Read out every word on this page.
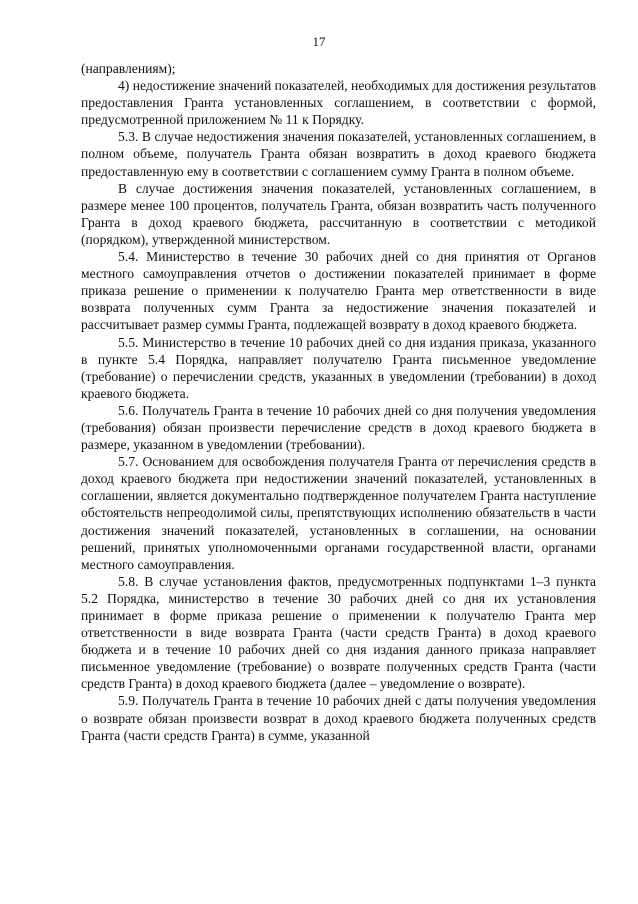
17

(направлениям);

4) недостижение значений показателей, необходимых для достижения результатов предоставления Гранта установленных соглашением, в соответствии с формой, предусмотренной приложением № 11 к Порядку.

5.3. В случае недостижения значения показателей, установленных соглашением, в полном объеме, получатель Гранта обязан возвратить в доход краевого бюджета предоставленную ему в соответствии с соглашением сумму Гранта в полном объеме.

В случае достижения значения показателей, установленных соглашением, в размере менее 100 процентов, получатель Гранта, обязан возвратить часть полученного Гранта в доход краевого бюджета, рассчитанную в соответствии с методикой (порядком), утвержденной министерством.

5.4. Министерство в течение 30 рабочих дней со дня принятия от Органов местного самоуправления отчетов о достижении показателей принимает в форме приказа решение о применении к получателю Гранта мер ответственности в виде возврата полученных сумм Гранта за недостижение значения показателей и рассчитывает размер суммы Гранта, подлежащей возврату в доход краевого бюджета.

5.5. Министерство в течение 10 рабочих дней со дня издания приказа, указанного в пункте 5.4 Порядка, направляет получателю Гранта письменное уведомление (требование) о перечислении средств, указанных в уведомлении (требовании) в доход краевого бюджета.

5.6. Получатель Гранта в течение 10 рабочих дней со дня получения уведомления (требования) обязан произвести перечисление средств в доход краевого бюджета в размере, указанном в уведомлении (требовании).

5.7. Основанием для освобождения получателя Гранта от перечисления средств в доход краевого бюджета при недостижении значений показателей, установленных в соглашении, является документально подтвержденное получателем Гранта наступление обстоятельств непреодолимой силы, препятствующих исполнению обязательств в части достижения значений показателей, установленных в соглашении, на основании решений, принятых уполномоченными органами государственной власти, органами местного самоуправления.

5.8. В случае установления фактов, предусмотренных подпунктами 1–3 пункта 5.2 Порядка, министерство в течение 30 рабочих дней со дня их установления принимает в форме приказа решение о применении к получателю Гранта мер ответственности в виде возврата Гранта (части средств Гранта) в доход краевого бюджета и в течение 10 рабочих дней со дня издания данного приказа направляет письменное уведомление (требование) о возврате полученных средств Гранта (части средств Гранта) в доход краевого бюджета (далее – уведомление о возврате).

5.9. Получатель Гранта в течение 10 рабочих дней с даты получения уведомления о возврате обязан произвести возврат в доход краевого бюджета полученных средств Гранта (части средств Гранта) в сумме, указанной
